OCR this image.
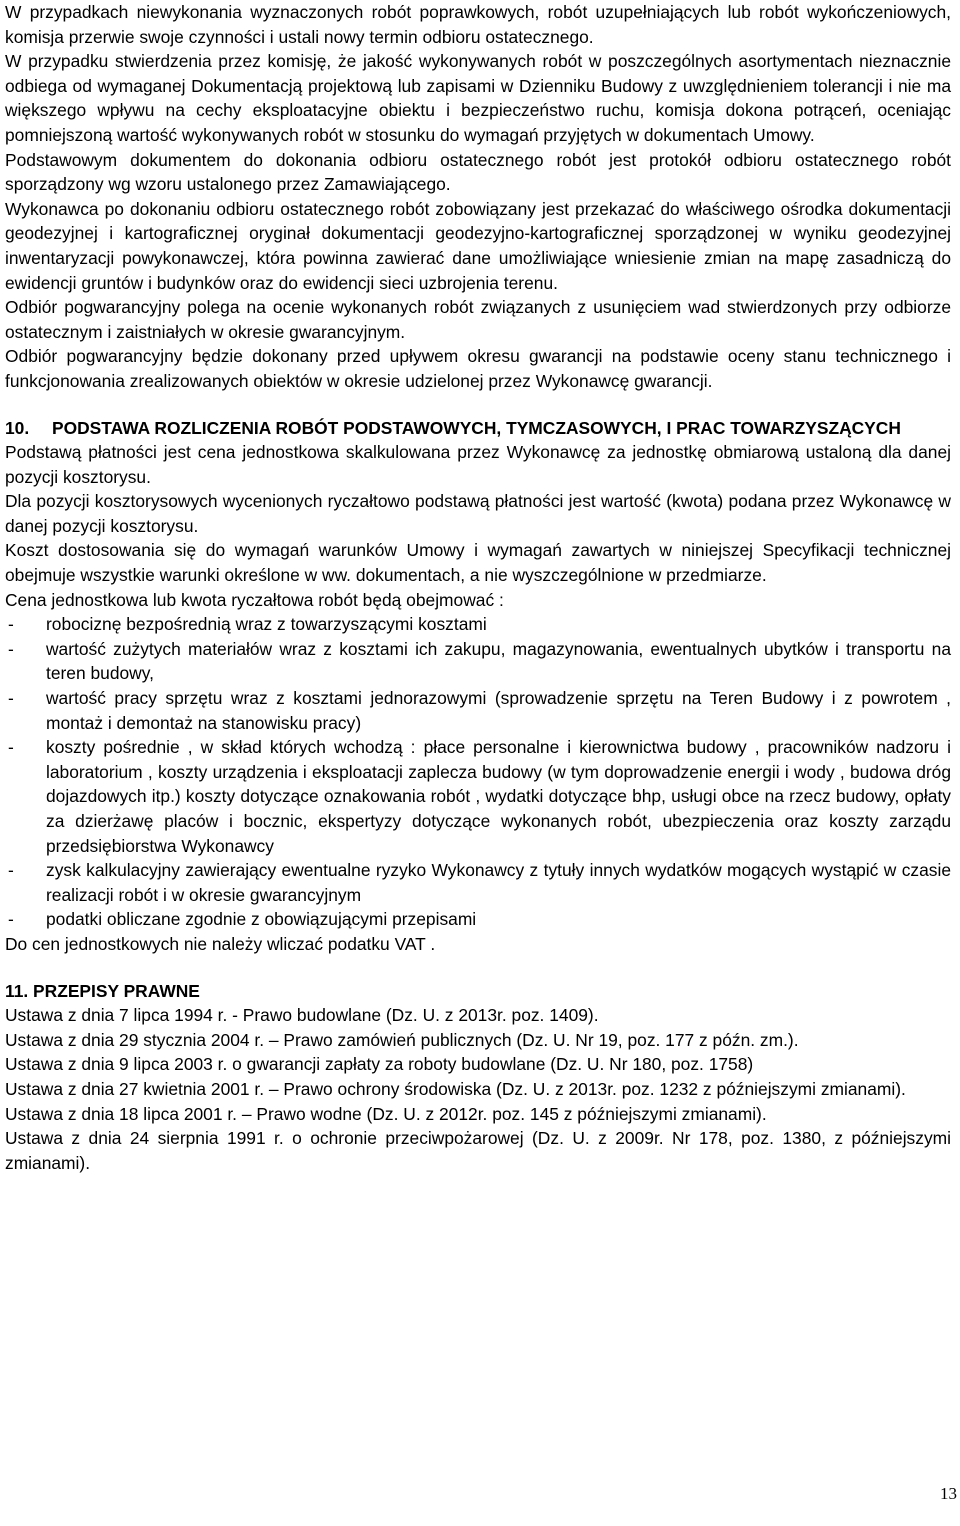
W przypadkach niewykonania wyznaczonych robót poprawkowych, robót uzupełniających lub robót wykończeniowych, komisja przerwie swoje czynności i ustali nowy termin odbioru ostatecznego.

W przypadku stwierdzenia przez komisję, że jakość wykonywanych robót w poszczególnych asortymentach nieznacznie odbiega od wymaganej Dokumentacją projektową lub zapisami w Dzienniku Budowy z uwzględnieniem tolerancji i nie ma większego wpływu na cechy eksploatacyjne obiektu i bezpieczeństwo ruchu, komisja dokona potrąceń, oceniając pomniejszoną wartość wykonywanych robót w stosunku do wymagań przyjętych w dokumentach Umowy.

Podstawowym dokumentem do dokonania odbioru ostatecznego robót jest protokół odbioru ostatecznego robót sporządzony wg wzoru ustalonego przez Zamawiającego.

Wykonawca po dokonaniu odbioru ostatecznego robót zobowiązany jest przekazać do właściwego ośrodka dokumentacji geodezyjnej i kartograficznej oryginał dokumentacji geodezyjno-kartograficznej sporządzonej w wyniku geodezyjnej inwentaryzacji powykonawczej, która powinna zawierać dane umożliwiające wniesienie zmian na mapę zasadniczą do ewidencji gruntów i budynków oraz do ewidencji sieci uzbrojenia terenu.

Odbiór pogwarancyjny polega na ocenie wykonanych robót związanych z usunięciem wad stwierdzonych przy odbiorze ostatecznym i zaistniałych w okresie gwarancyjnym.

Odbiór pogwarancyjny będzie dokonany przed upływem okresu gwarancji na podstawie oceny stanu technicznego i funkcjonowania zrealizowanych obiektów w okresie udzielonej przez Wykonawcę gwarancji.

10.	PODSTAWA ROZLICZENIA ROBÓT PODSTAWOWYCH, TYMCZASOWYCH, I PRAC TOWARZYSZĄCYCH

Podstawą płatności jest cena jednostkowa skalkulowana przez Wykonawcę za jednostkę obmiarową ustaloną dla danej pozycji kosztorysu.

Dla pozycji kosztorysowych wycenionych ryczałtowo podstawą płatności jest wartość (kwota) podana przez Wykonawcę w danej pozycji kosztorysu.

Koszt dostosowania się do wymagań warunków Umowy i wymagań zawartych w niniejszej Specyfikacji technicznej obejmuje wszystkie warunki określone w ww. dokumentach, a nie wyszczególnione w przedmiarze.

Cena jednostkowa lub kwota ryczałtowa robót będą obejmować :

-	robociznę bezpośrednią wraz z towarzyszącymi kosztami
-	wartość zużytych materiałów wraz z kosztami ich zakupu, magazynowania, ewentualnych ubytków i transportu na teren budowy,
-	wartość pracy sprzętu wraz z kosztami jednorazowymi (sprowadzenie sprzętu na Teren Budowy i z powrotem , montaż i demontaż na stanowisku pracy)
-	koszty pośrednie , w skład których wchodzą : płace personalne i kierownictwa budowy , pracowników nadzoru i laboratorium , koszty urządzenia i eksploatacji zaplecza budowy (w tym doprowadzenie energii i wody , budowa dróg dojazdowych itp.) koszty dotyczące oznakowania robót , wydatki dotyczące bhp, usługi obce na rzecz budowy, opłaty za dzierżawę placów i bocznic, ekspertyzy dotyczące wykonanych robót, ubezpieczenia oraz koszty zarządu przedsiębiorstwa Wykonawcy
-	zysk kalkulacyjny zawierający ewentualne ryzyko Wykonawcy z tytuły innych wydatków mogących wystąpić w czasie realizacji robót i w okresie gwarancyjnym
-	podatki obliczane zgodnie z obowiązującymi przepisami

Do cen jednostkowych nie należy wliczać podatku VAT .

11. PRZEPISY PRAWNE

Ustawa z dnia 7 lipca 1994 r. - Prawo budowlane (Dz. U. z 2013r. poz. 1409).

Ustawa z dnia 29 stycznia 2004 r. – Prawo zamówień publicznych (Dz. U. Nr 19, poz. 177 z późn. zm.).

Ustawa z dnia 9 lipca 2003 r. o gwarancji zapłaty za roboty budowlane (Dz. U. Nr 180, poz. 1758)

Ustawa z dnia 27 kwietnia 2001 r. – Prawo ochrony środowiska (Dz. U. z 2013r. poz. 1232 z późniejszymi zmianami).

Ustawa z dnia 18 lipca 2001 r. – Prawo wodne (Dz. U. z 2012r. poz. 145 z późniejszymi zmianami).

Ustawa z dnia 24 sierpnia 1991 r. o ochronie przeciwpożarowej (Dz. U. z 2009r. Nr 178, poz. 1380, z późniejszymi zmianami).

13
